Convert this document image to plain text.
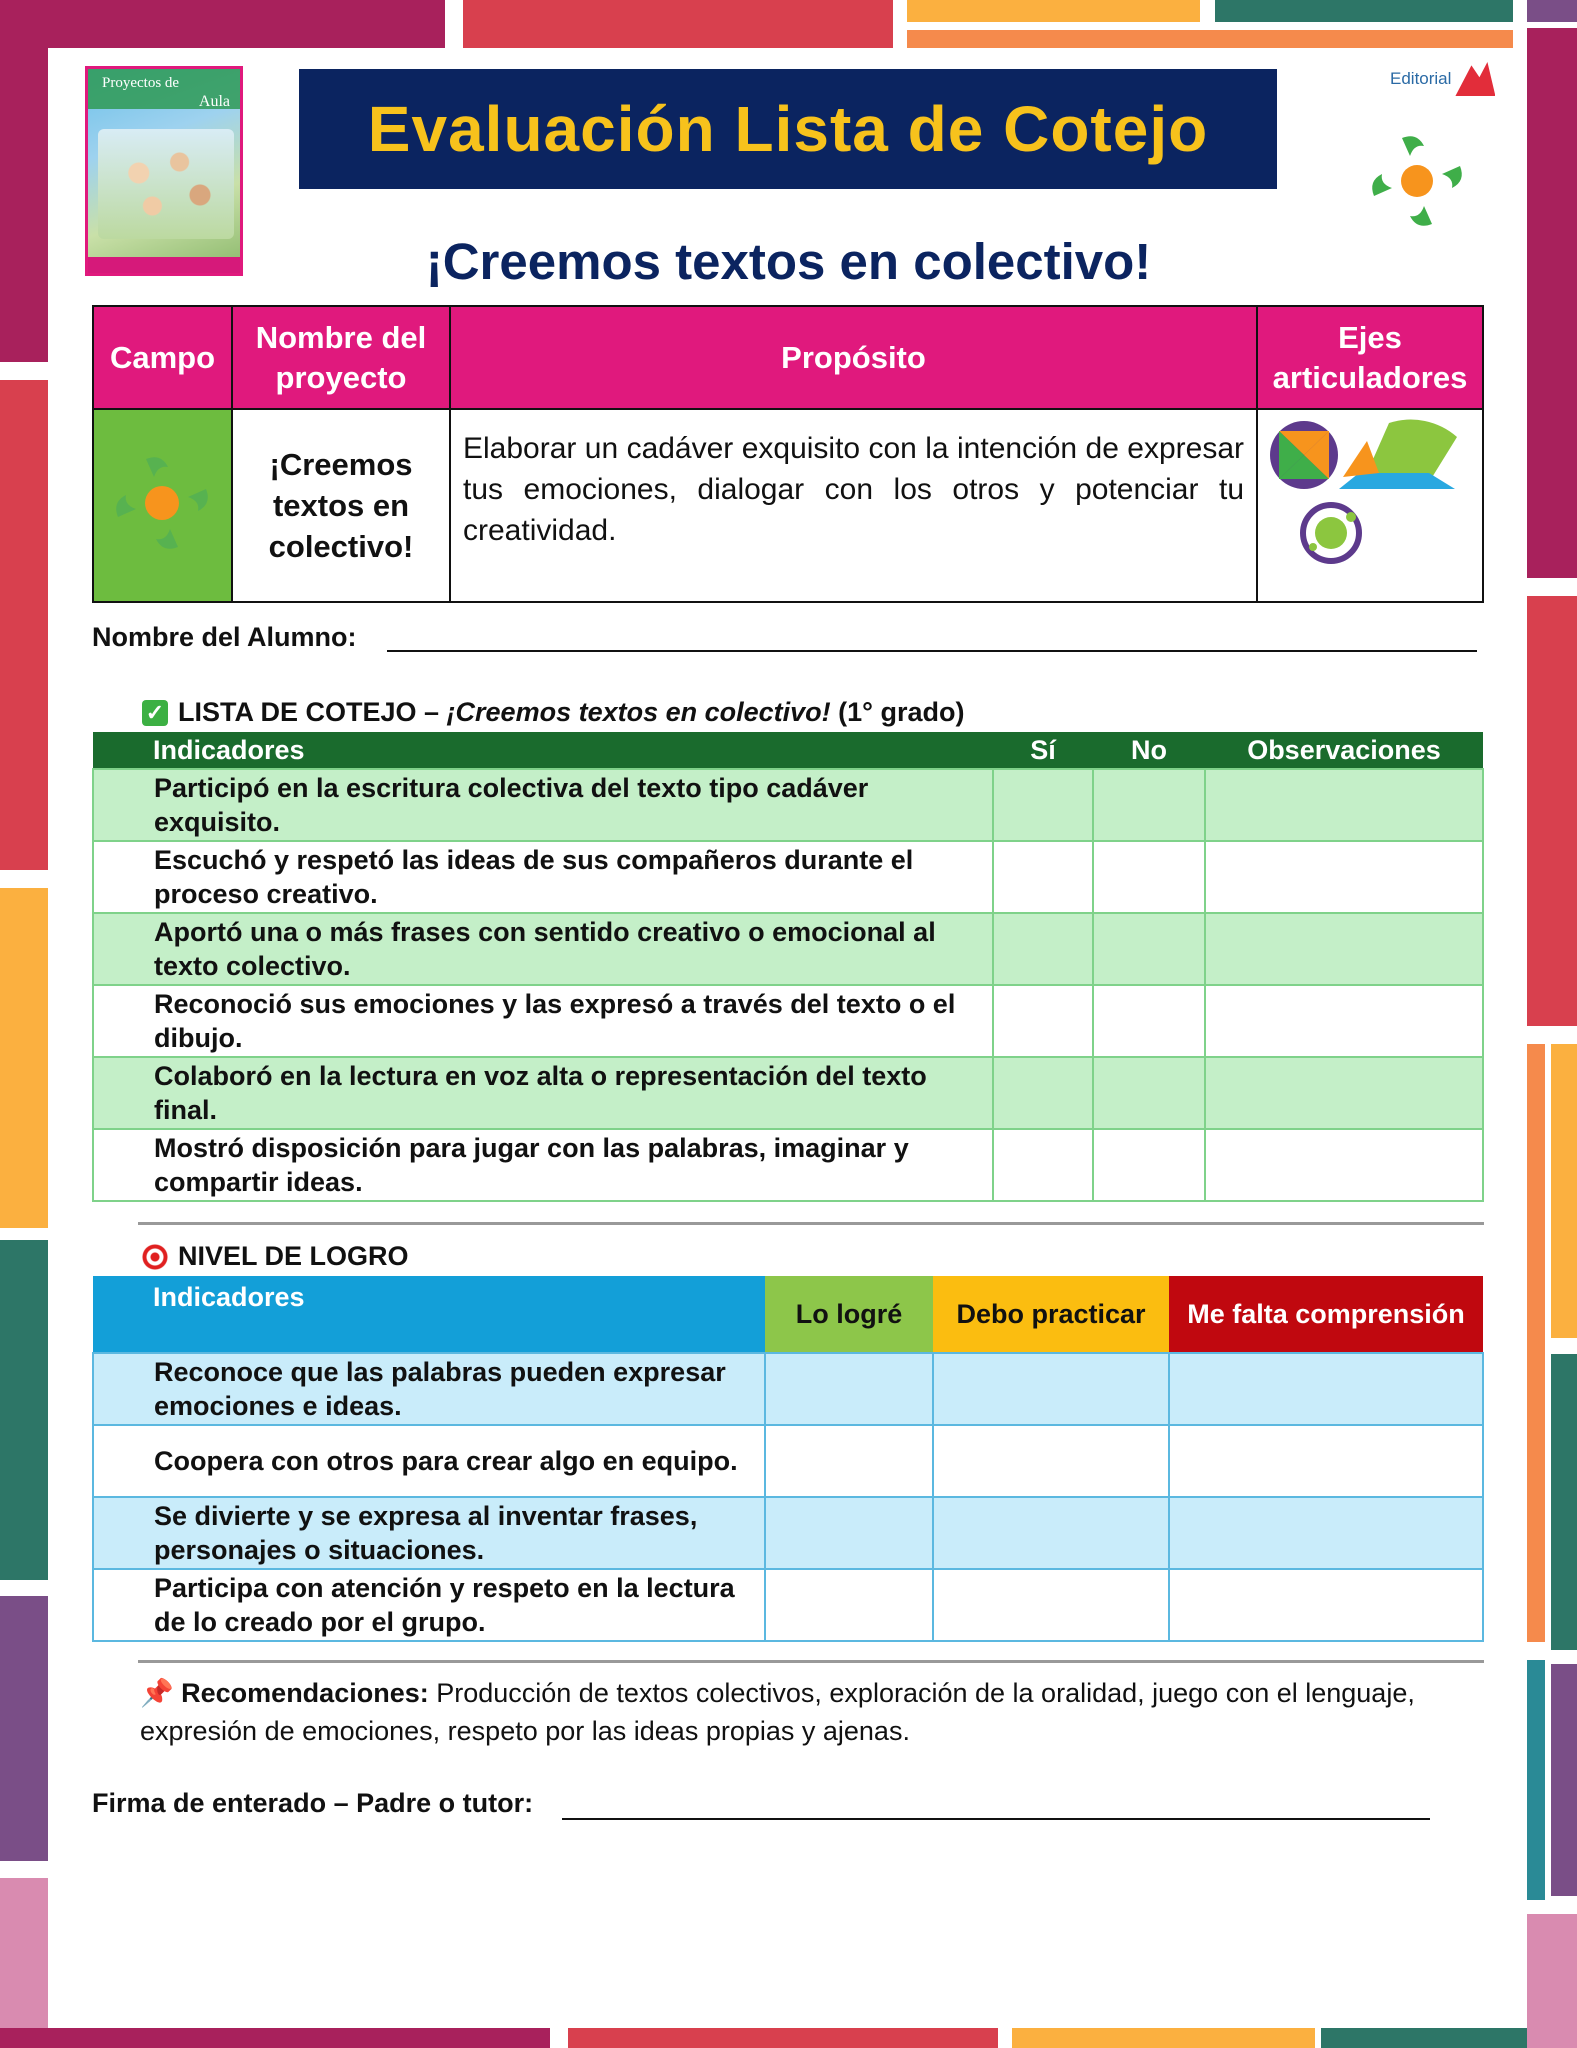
Proyectos de
Aula Evaluación Lista de Cotejo
Editorial
¡Creemos textos en colectivo!
Campo	Nombre del proyecto	Propósito	Ejes articuladores
	¡Creemos textos en colectivo!	Elaborar un cadáver exquisito con la intención de expresar tus emociones, dialogar con los otros y potenciar tu creatividad.	
Nombre del Alumno:
✓ LISTA DE COTEJO – ¡Creemos textos en colectivo! (1° grado)
Indicadores	Sí	No	Observaciones
Participó en la escritura colectiva del texto tipo cadáver exquisito.			
Escuchó y respetó las ideas de sus compañeros durante el proceso creativo.			
Aportó una o más frases con sentido creativo o emocional al texto colectivo.			
Reconoció sus emociones y las expresó a través del texto o el dibujo.			
Colaboró en la lectura en voz alta o representación del texto final.			
Mostró disposición para jugar con las palabras, imaginar y compartir ideas.			
NIVEL DE LOGRO
Indicadores	Lo logré	Debo practicar	Me falta comprensión
Reconoce que las palabras pueden expresar emociones e ideas.			
Coopera con otros para crear algo en equipo.			
Se divierte y se expresa al inventar frases, personajes o situaciones.			
Participa con atención y respeto en la lectura de lo creado por el grupo.			
📌 Recomendaciones: Producción de textos colectivos, exploración de la oralidad, juego con el lenguaje, expresión de emociones, respeto por las ideas propias y ajenas.
Firma de enterado – Padre o tutor:
